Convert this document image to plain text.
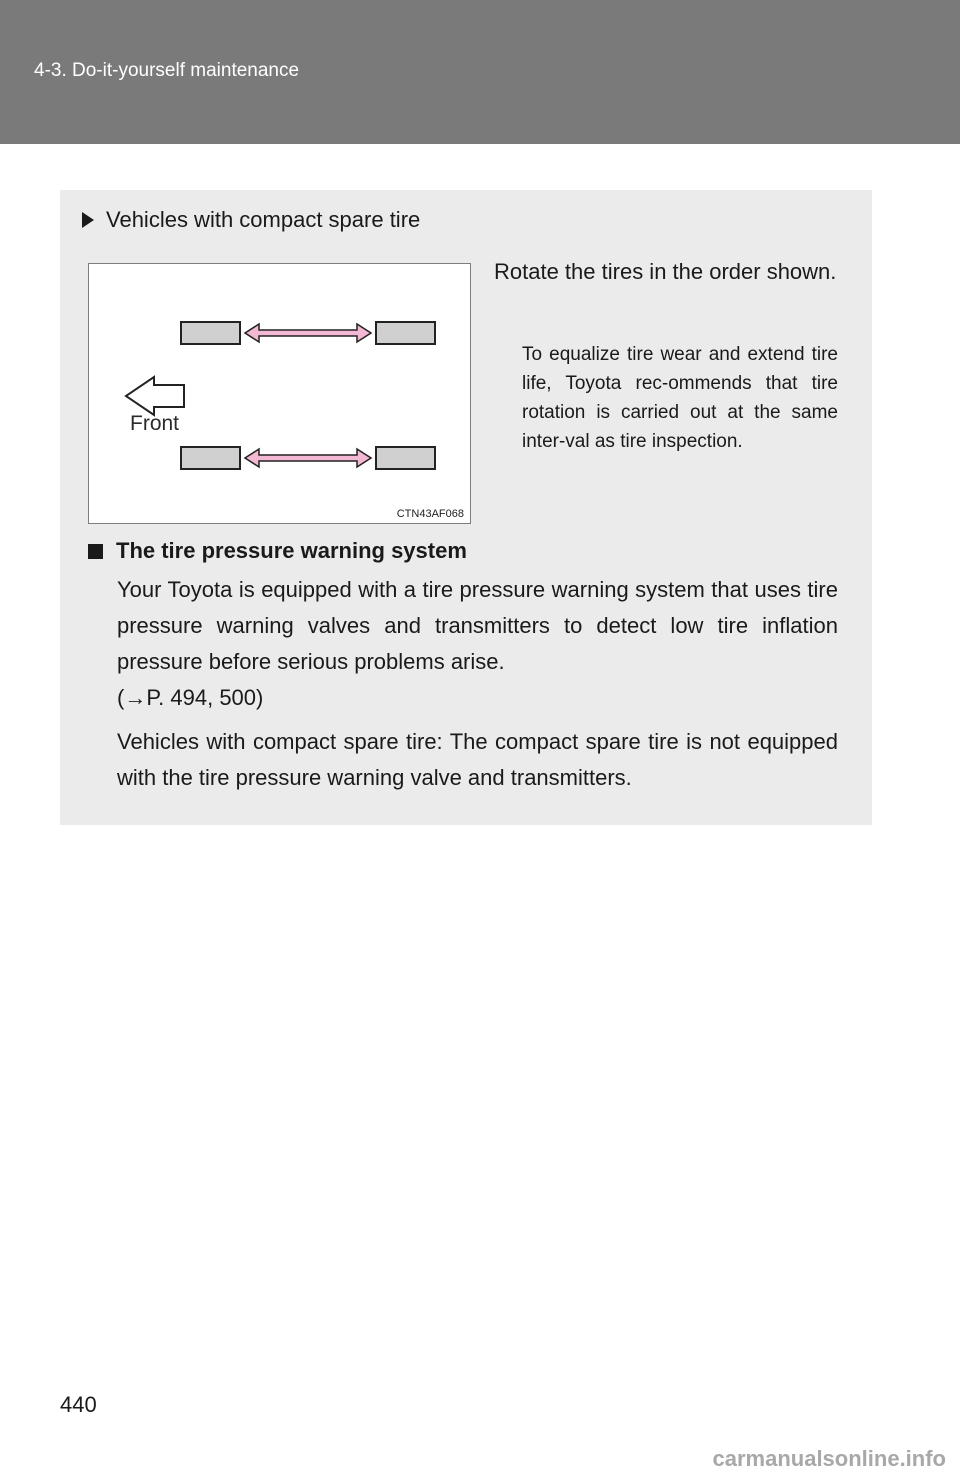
4-3. Do-it-yourself maintenance
Vehicles with compact spare tire
Front
CTN43AF068
Rotate the tires in the order shown.
To equalize tire wear and extend tire life, Toyota rec-ommends that tire rotation is carried out at the same inter-val as tire inspection.
The tire pressure warning system
Your Toyota is equipped with a tire pressure warning system that uses tire pressure warning valves and transmitters to detect low tire inflation pressure before serious problems arise.
(→P. 494, 500)
Vehicles with compact spare tire: The compact spare tire is not equipped with the tire pressure warning valve and transmitters.
440
carmanualsonline.info
